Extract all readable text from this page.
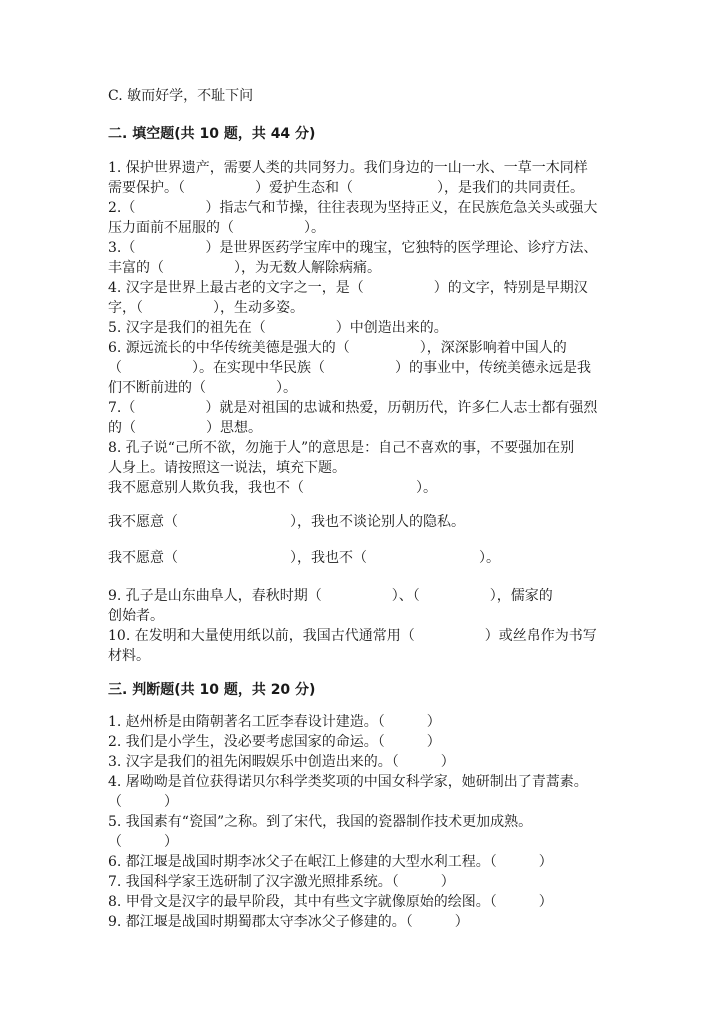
C. 敏而好学，不耻下问
二. 填空题(共 10 题，共 44 分)
1. 保护世界遗产，需要人类的共同努力。我们身边的一山一水、一草一木同样
需要保护。（　　　　　）爱护生态和（　　　　　　），是我们的共同责任。
2.（　　　　　）指志气和节操，往往表现为坚持正义，在民族危急关头或强大
压力面前不屈服的（　　　　　）。
3.（　　　　　）是世界医药学宝库中的瑰宝，它独特的医学理论、诊疗方法、
丰富的（　　　　　），为无数人解除病痛。
4. 汉字是世界上最古老的文字之一，是（　　　　　）的文字，特别是早期汉
字，（　　　　　），生动多姿。
5. 汉字是我们的祖先在（　　　　　）中创造出来的。
6. 源远流长的中华传统美德是强大的（　　　　　），深深影响着中国人的
（　　　　　）。在实现中华民族（　　　　　）的事业中，传统美德永远是我
们不断前进的（　　　　　）。
7.（　　　　　）就是对祖国的忠诚和热爱，历朝历代，许多仁人志士都有强烈
的（　　　　　）思想。
8. 孔子说“己所不欲，勿施于人”的意思是：自己不喜欢的事，不要强加在别
人身上。请按照这一说法，填充下题。
我不愿意别人欺负我，我也不（　　　　　　　　）。
我不愿意（　　　　　　　　），我也不谈论别人的隐私。
我不愿意（　　　　　　　　），我也不（　　　　　　　　）。
9. 孔子是山东曲阜人，春秋时期（　　　　　）、（　　　　　），儒家的
创始者。
10. 在发明和大量使用纸以前，我国古代通常用（　　　　　）或丝帛作为书写
材料。
三. 判断题(共 10 题，共 20 分)
1. 赵州桥是由隋朝著名工匠李春设计建造。（　　　）
2. 我们是小学生，没必要考虑国家的命运。（　　　）
3. 汉字是我们的祖先闲暇娱乐中创造出来的。（　　　）
4. 屠呦呦是首位获得诺贝尔科学类奖项的中国女科学家，她研制出了青蒿素。
（　　　）
5. 我国素有“瓷国”之称。到了宋代，我国的瓷器制作技术更加成熟。
（　　　）
6. 都江堰是战国时期李冰父子在岷江上修建的大型水利工程。（　　　）
7. 我国科学家王选研制了汉字激光照排系统。（　　　）
8. 甲骨文是汉字的最早阶段，其中有些文字就像原始的绘图。（　　　）
9. 都江堰是战国时期蜀郡太守李冰父子修建的。（　　　）
